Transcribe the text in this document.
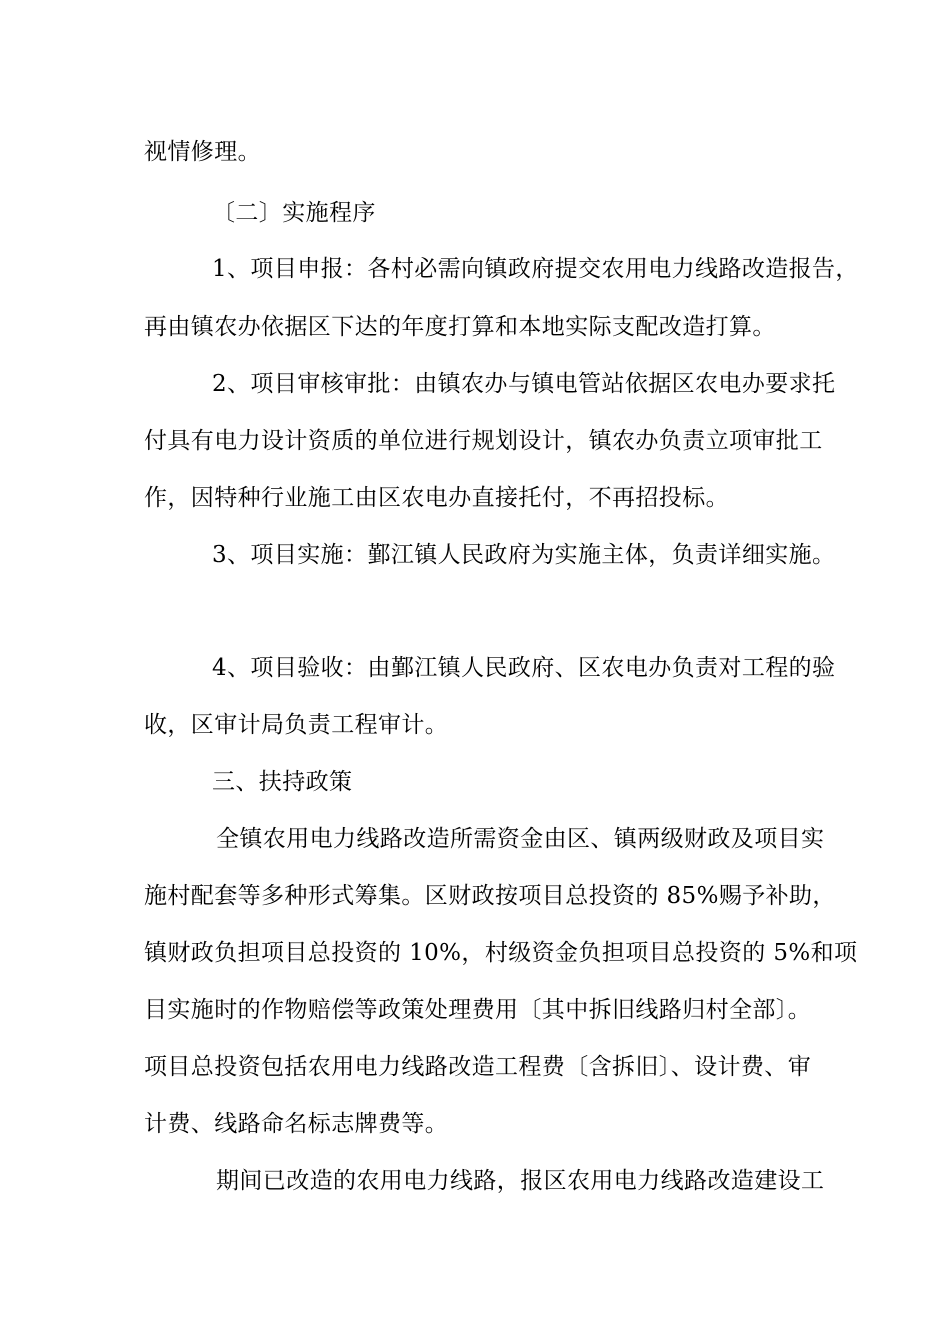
视情修理。
〔二〕实施程序
1、项目申报：各村必需向镇政府提交农用电力线路改造报告，
再由镇农办依据区下达的年度打算和本地实际支配改造打算。
2、项目审核审批：由镇农办与镇电管站依据区农电办要求托
付具有电力设计资质的单位进行规划设计，镇农办负责立项审批工
作，因特种行业施工由区农电办直接托付，不再招投标。
3、项目实施：鄞江镇人民政府为实施主体，负责详细实施。
4、项目验收：由鄞江镇人民政府、区农电办负责对工程的验
收，区审计局负责工程审计。
三、扶持政策
全镇农用电力线路改造所需资金由区、镇两级财政及项目实
施村配套等多种形式筹集。区财政按项目总投资的 85%赐予补助，
镇财政负担项目总投资的 10%，村级资金负担项目总投资的 5%和项
目实施时的作物赔偿等政策处理费用〔其中拆旧线路归村全部〕。
项目总投资包括农用电力线路改造工程费〔含拆旧〕、设计费、审
计费、线路命名标志牌费等。
期间已改造的农用电力线路，报区农用电力线路改造建设工
